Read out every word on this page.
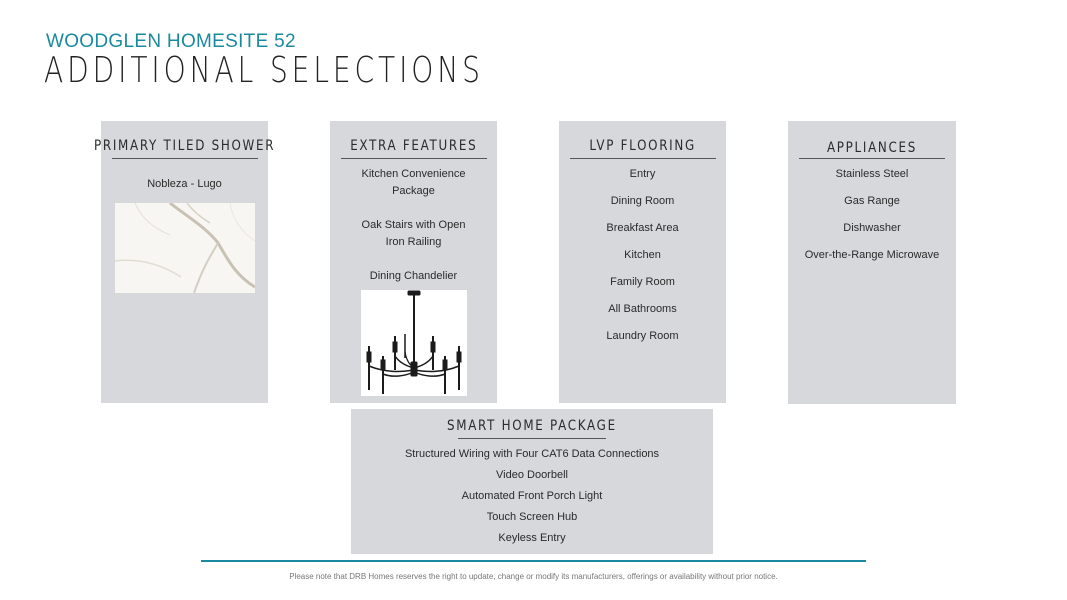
WOODGLEN HOMESITE 52
ADDITIONAL SELECTIONS
PRIMARY TILED SHOWER
Nobleza - Lugo
EXTRA FEATURES
Kitchen Convenience Package
Oak Stairs with Open Iron Railing
Dining Chandelier
LVP FLOORING
Entry
Dining Room
Breakfast Area
Kitchen
Family Room
All Bathrooms
Laundry Room
APPLIANCES
Stainless Steel
Gas Range
Dishwasher
Over-the-Range Microwave
SMART HOME PACKAGE
Structured Wiring with Four CAT6 Data Connections
Video Doorbell
Automated Front Porch Light
Touch Screen Hub
Keyless Entry
Please note that DRB Homes reserves the right to update, change or modify its manufacturers, offerings or availability without prior notice.
